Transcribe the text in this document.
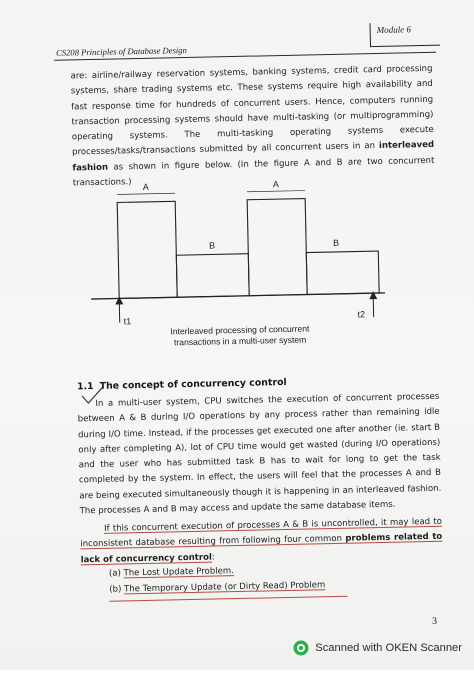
Module 6
CS208 Principles of Database Design
are: airline/railway reservation systems, banking systems, credit card processing systems, share trading systems etc. These systems require high availability and fast response time for hundreds of concurrent users. Hence, computers running transaction processing systems should have multi-tasking (or multiprogramming) operating systems. The multi-tasking operating systems execute processes/tasks/transactions submitted by all concurrent users in an interleaved fashion as shown in figure below. (In the figure A and B are two concurrent transactions.)	A
B
A
B
t1
t2
Interleaved processing of concurrent
transactions in a multi-user system
1.1 The concept of concurrency control
In a multi-user system, CPU switches the execution of concurrent processes between A & B during I/O operations by any process rather than remaining idle during I/O time. Instead, if the processes get executed one after another (ie. start B only after completing A), lot of CPU time would get wasted (during I/O operations) and the user who has submitted task B has to wait for long to get the task completed by the system. In effect, the users will feel that the processes A and B are being executed simultaneously though it is happening in an interleaved fashion. The processes A and B may access and update the same database items.
If this concurrent execution of processes A & B is uncontrolled, it may lead to inconsistent database resulting from following four common problems related to lack of concurrency control:
(a) The Lost Update Problem.
(b) The Temporary Update (or Dirty Read) Problem
3
Scanned with OKEN Scanner
